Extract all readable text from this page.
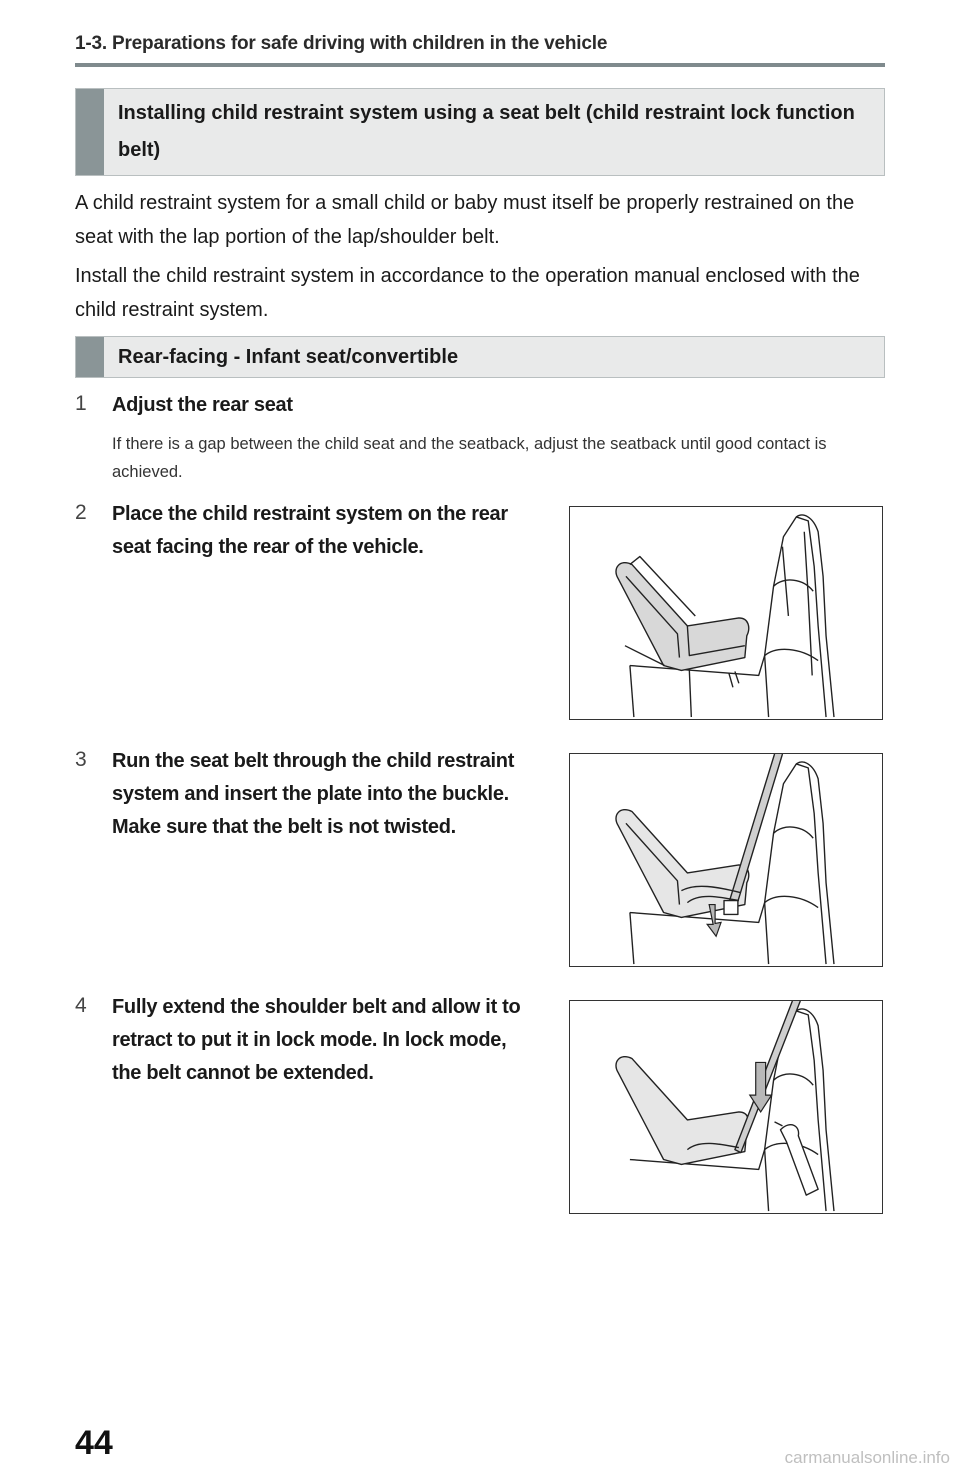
1-3. Preparations for safe driving with children in the vehicle
Installing child restraint system using a seat belt (child restraint lock function belt)
A child restraint system for a small child or baby must itself be properly restrained on the seat with the lap portion of the lap/shoulder belt.
Install the child restraint system in accordance to the operation manual enclosed with the child restraint system.
Rear-facing - Infant seat/convertible
1 Adjust the rear seat
If there is a gap between the child seat and the seatback, adjust the seatback until good contact is achieved.
2 Place the child restraint system on the rear
seat facing the rear of the vehicle.
3 Run the seat belt through the child restraint
system and insert the plate into the buckle.
Make sure that the belt is not twisted.
4 Fully extend the shoulder belt and allow it to
retract to put it in lock mode. In lock mode,
the belt cannot be extended.
44	carmanualsonline.info
